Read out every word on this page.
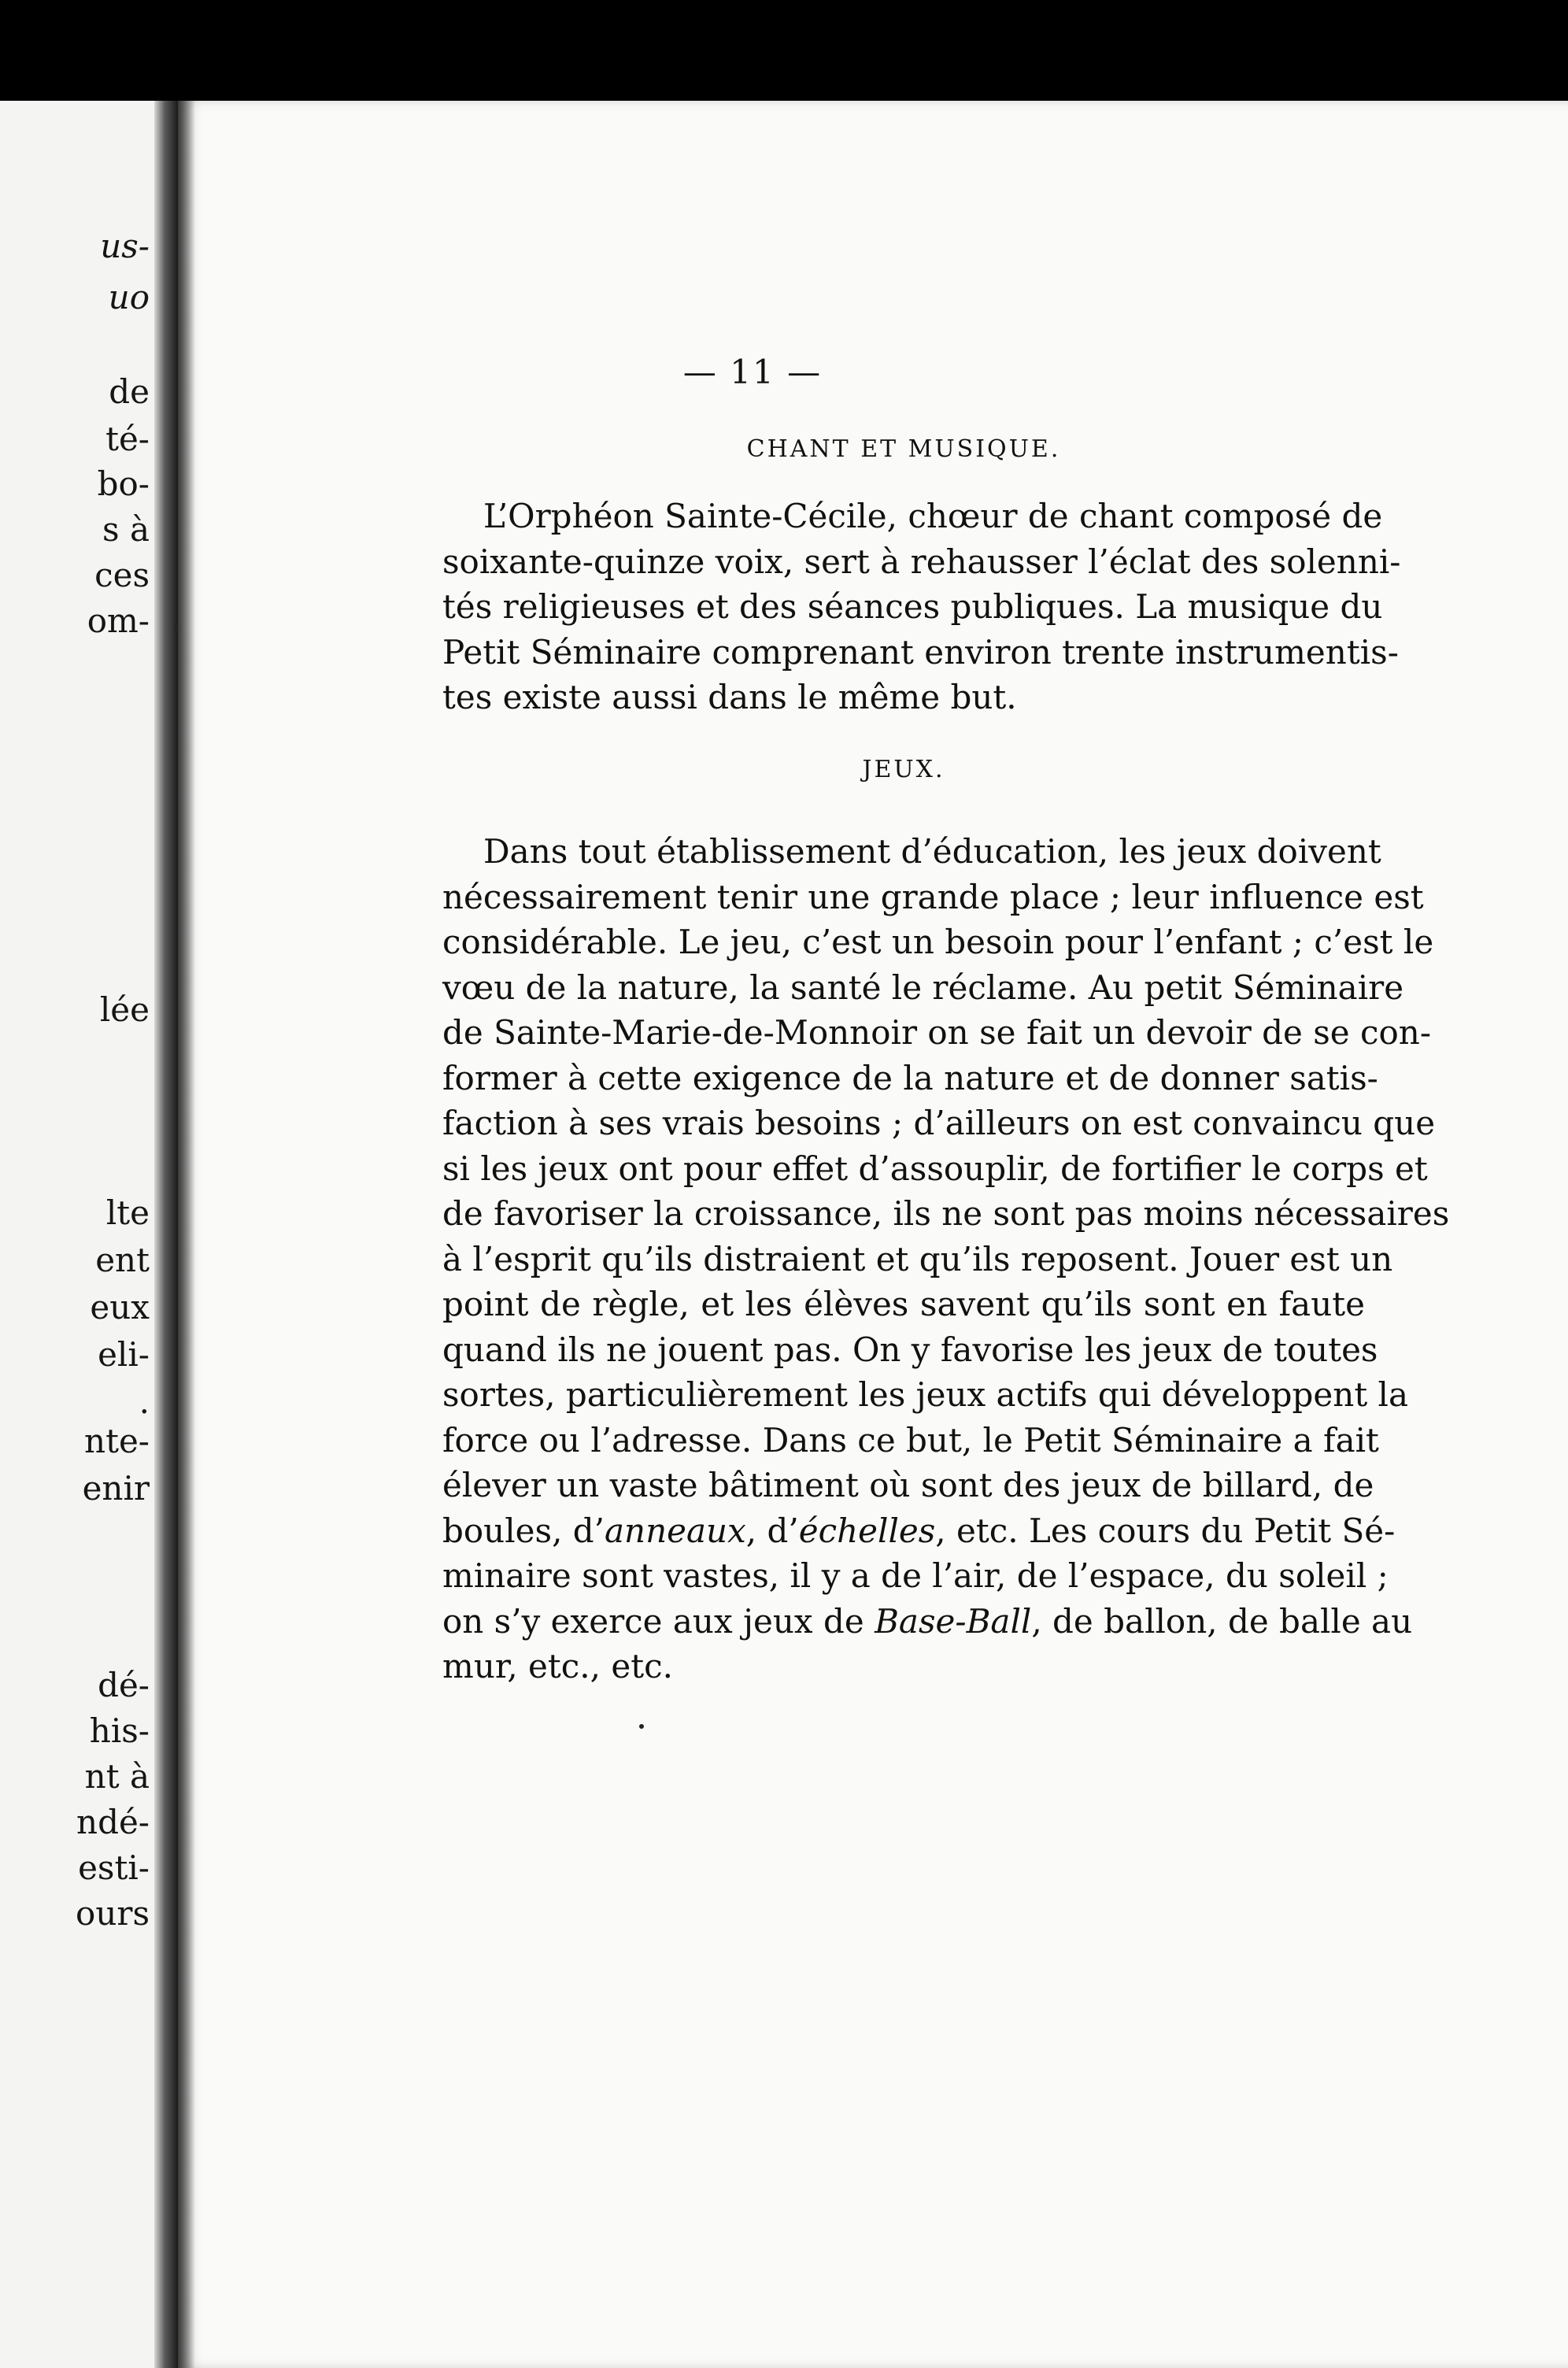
us-
uo
de
té-
bo-
s à
ces
om-
lée
lte
ent
eux
eli-
.
nte-
enir
dé-
his-
nt à
ndé-
esti-
ours
— 11 —
CHANT ET MUSIQUE.

L’Orphéon Sainte-Cécile, chœur de chant composé de
soixante-quinze voix, sert à rehausser l’éclat des solenni-
tés religieuses et des séances publiques. La musique du
Petit Séminaire comprenant environ trente instrumentis-
tes existe aussi dans le même but.

JEUX.

Dans tout établissement d’éducation, les jeux doivent
nécessairement tenir une grande place ; leur influence est
considérable. Le jeu, c’est un besoin pour l’enfant ; c’est le
vœu de la nature, la santé le réclame. Au petit Séminaire
de Sainte-Marie-de-Monnoir on se fait un devoir de se con-
former à cette exigence de la nature et de donner satis-
faction à ses vrais besoins ; d’ailleurs on est convaincu que
si les jeux ont pour effet d’assouplir, de fortifier le corps et
de favoriser la croissance, ils ne sont pas moins nécessaires
à l’esprit qu’ils distraient et qu’ils reposent. Jouer est un
point de règle, et les élèves savent qu’ils sont en faute
quand ils ne jouent pas. On y favorise les jeux de toutes
sortes, particulièrement les jeux actifs qui développent la
force ou l’adresse. Dans ce but, le Petit Séminaire a fait
élever un vaste bâtiment où sont des jeux de billard, de
boules, d’anneaux, d’échelles, etc. Les cours du Petit Sé-
minaire sont vastes, il y a de l’air, de l’espace, du soleil ;
on s’y exerce aux jeux de Base-Ball, de ballon, de balle au
mur, etc., etc.
